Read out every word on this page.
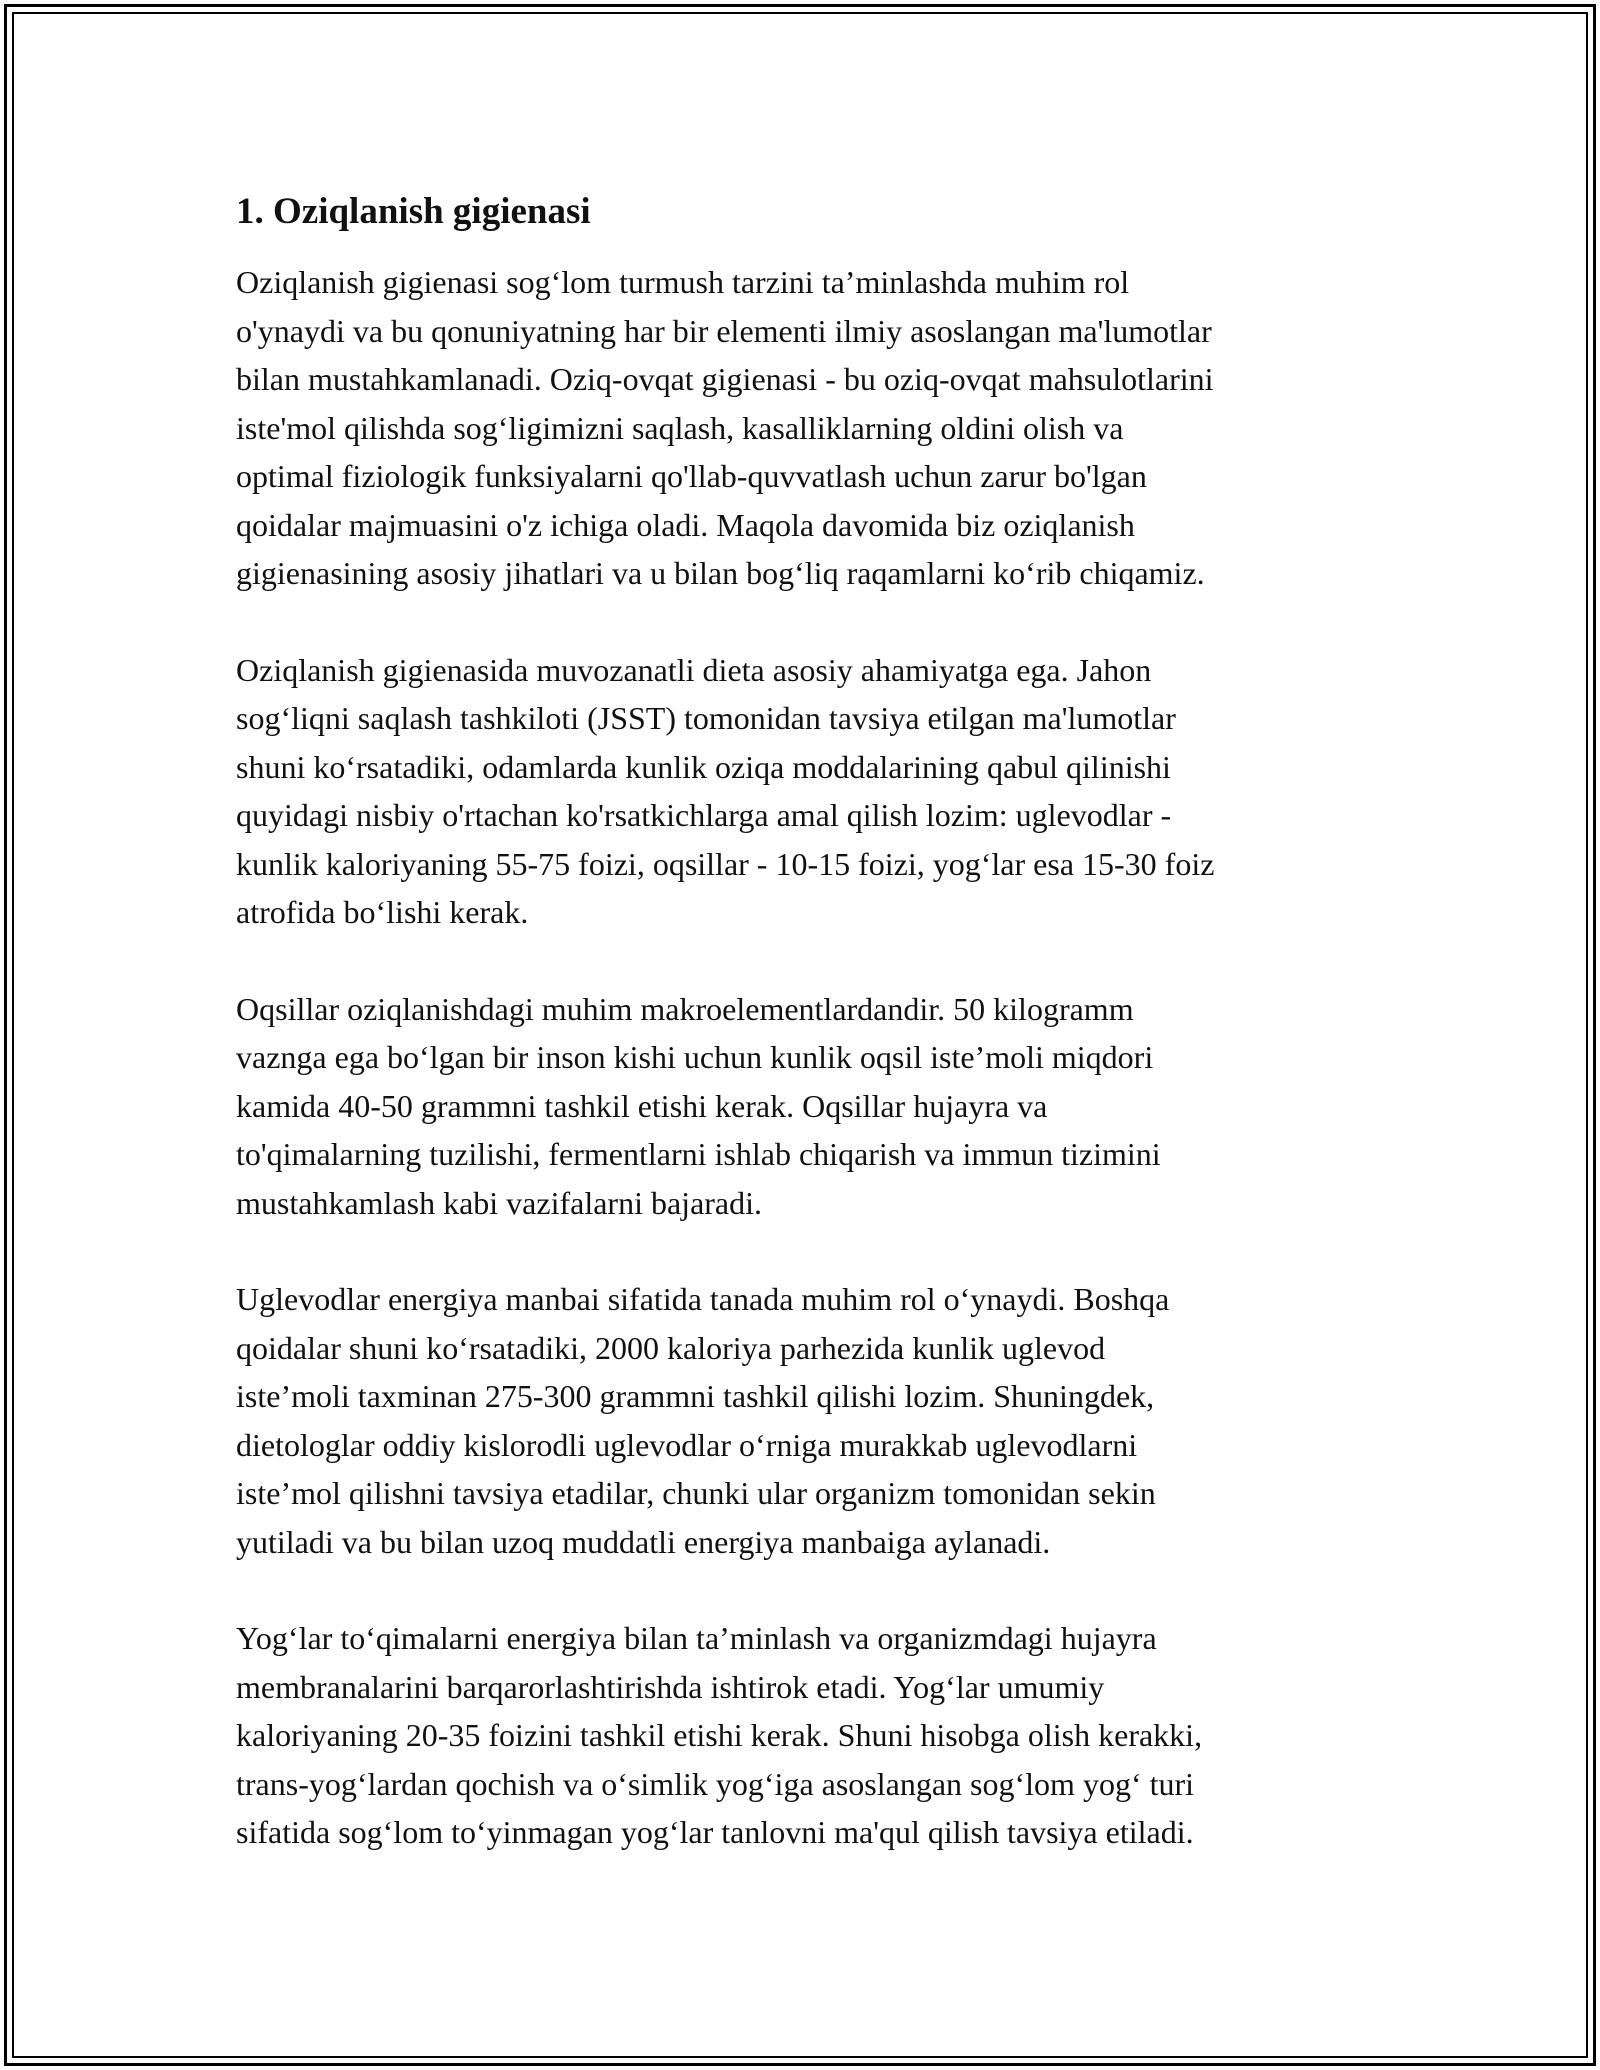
1. Oziqlanish gigienasi

Oziqlanish gigienasi sog‘lom turmush tarzini ta’minlashda muhim rol
o'ynaydi va bu qonuniyatning har bir elementi ilmiy asoslangan ma'lumotlar
bilan mustahkamlanadi. Oziq-ovqat gigienasi - bu oziq-ovqat mahsulotlarini
iste'mol qilishda sog‘ligimizni saqlash, kasalliklarning oldini olish va
optimal fiziologik funksiyalarni qo'llab-quvvatlash uchun zarur bo'lgan
qoidalar majmuasini o'z ichiga oladi. Maqola davomida biz oziqlanish
gigienasining asosiy jihatlari va u bilan bog‘liq raqamlarni ko‘rib chiqamiz.

Oziqlanish gigienasida muvozanatli dieta asosiy ahamiyatga ega. Jahon
sog‘liqni saqlash tashkiloti (JSST) tomonidan tavsiya etilgan ma'lumotlar
shuni ko‘rsatadiki, odamlarda kunlik oziqa moddalarining qabul qilinishi
quyidagi nisbiy o'rtachan ko'rsatkichlarga amal qilish lozim: uglevodlar -
kunlik kaloriyaning 55-75 foizi, oqsillar - 10-15 foizi, yog‘lar esa 15-30 foiz
atrofida bo‘lishi kerak.

Oqsillar oziqlanishdagi muhim makroelementlardandir. 50 kilogramm
vaznga ega bo‘lgan bir inson kishi uchun kunlik oqsil iste’moli miqdori
kamida 40-50 grammni tashkil etishi kerak. Oqsillar hujayra va
to'qimalarning tuzilishi, fermentlarni ishlab chiqarish va immun tizimini
mustahkamlash kabi vazifalarni bajaradi.

Uglevodlar energiya manbai sifatida tanada muhim rol o‘ynaydi. Boshqa
qoidalar shuni ko‘rsatadiki, 2000 kaloriya parhezida kunlik uglevod
iste’moli taxminan 275-300 grammni tashkil qilishi lozim. Shuningdek,
dietologlar oddiy kislorodli uglevodlar o‘rniga murakkab uglevodlarni
iste’mol qilishni tavsiya etadilar, chunki ular organizm tomonidan sekin
yutiladi va bu bilan uzoq muddatli energiya manbaiga aylanadi.

Yog‘lar to‘qimalarni energiya bilan ta’minlash va organizmdagi hujayra
membranalarini barqarorlashtirishda ishtirok etadi. Yog‘lar umumiy
kaloriyaning 20-35 foizini tashkil etishi kerak. Shuni hisobga olish kerakki,
trans-yog‘lardan qochish va o‘simlik yog‘iga asoslangan sog‘lom yog‘ turi
sifatida sog‘lom to‘yinmagan yog‘lar tanlovni ma'qul qilish tavsiya etiladi.
